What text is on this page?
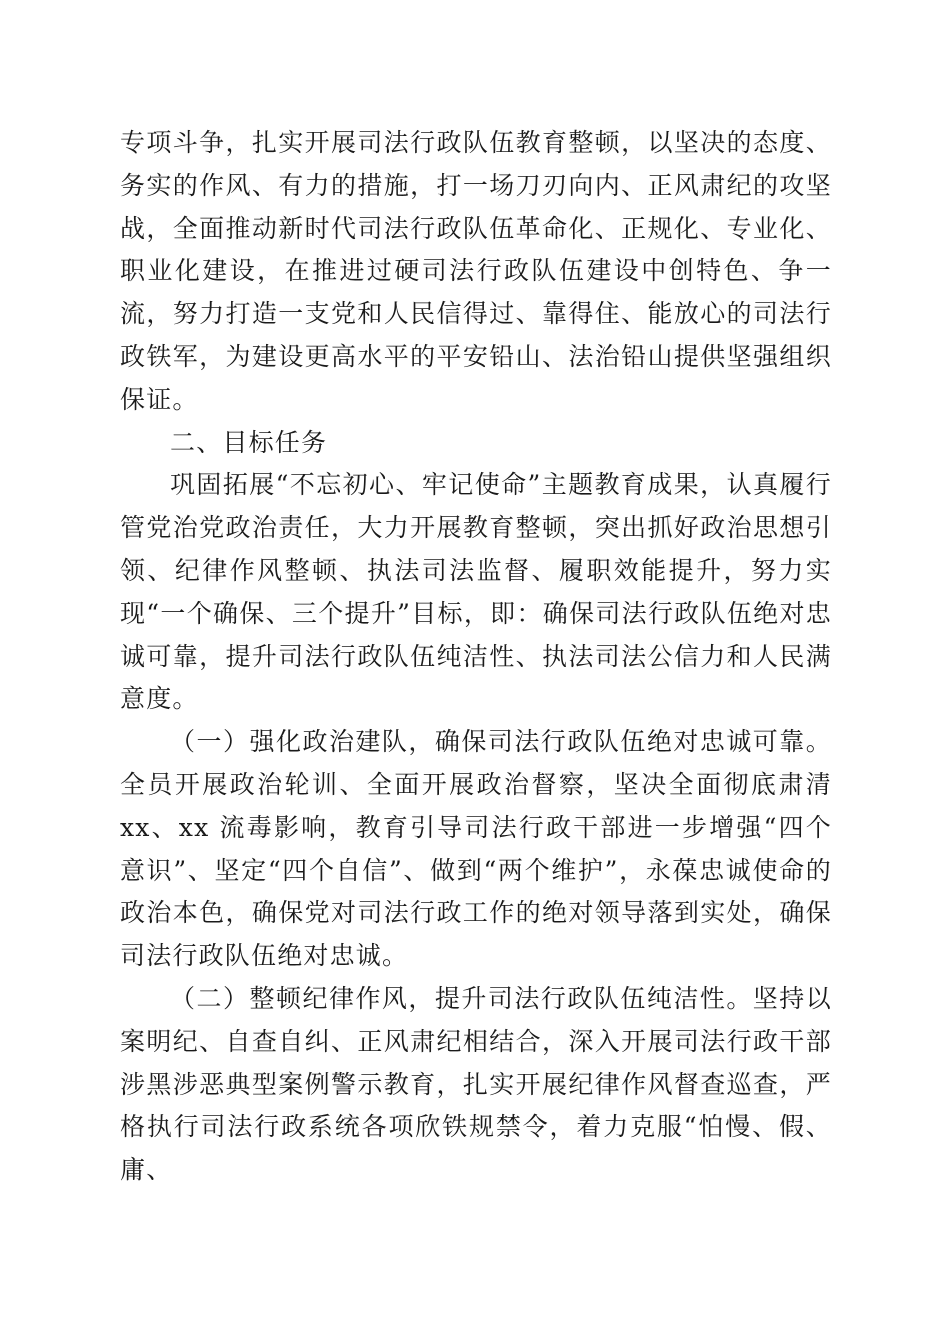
专项斗争，扎实开展司法行政队伍教育整顿，以坚决的态度、务实的作风、有力的措施，打一场刀刃向内、正风肃纪的攻坚战，全面推动新时代司法行政队伍革命化、正规化、专业化、职业化建设，在推进过硬司法行政队伍建设中创特色、争一流，努力打造一支党和人民信得过、靠得住、能放心的司法行政铁军，为建设更高水平的平安铅山、法治铅山提供坚强组织保证。

二、目标任务

巩固拓展“不忘初心、牢记使命”主题教育成果，认真履行管党治党政治责任，大力开展教育整顿，突出抓好政治思想引领、纪律作风整顿、执法司法监督、履职效能提升，努力实现“一个确保、三个提升”目标，即：确保司法行政队伍绝对忠诚可靠，提升司法行政队伍纯洁性、执法司法公信力和人民满意度。

（一）强化政治建队，确保司法行政队伍绝对忠诚可靠。全员开展政治轮训、全面开展政治督察，坚决全面彻底肃清 xx、xx 流毒影响，教育引导司法行政干部进一步增强“四个意识”、坚定“四个自信”、做到“两个维护”，永葆忠诚使命的政治本色，确保党对司法行政工作的绝对领导落到实处，确保司法行政队伍绝对忠诚。

（二）整顿纪律作风，提升司法行政队伍纯洁性。坚持以案明纪、自查自纠、正风肃纪相结合，深入开展司法行政干部涉黑涉恶典型案例警示教育，扎实开展纪律作风督查巡查，严格执行司法行政系统各项欣铁规禁令，着力克服“怕慢、假、庸、
